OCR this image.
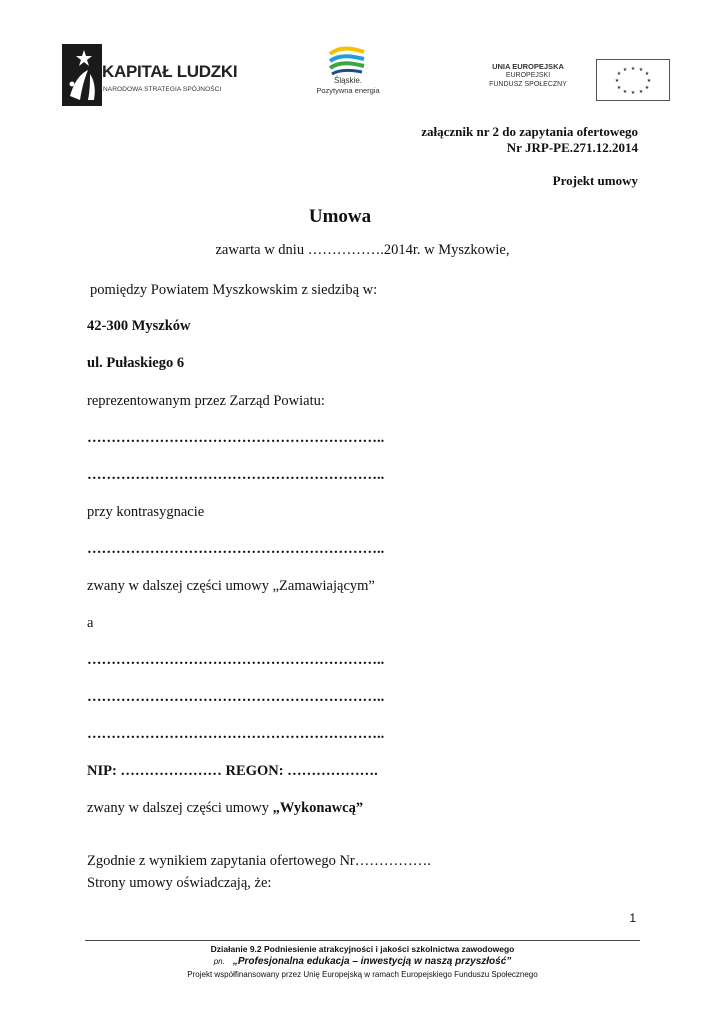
KAPITAŁ LUDZKI
NARODOWA STRATEGIA SPÓJNOŚCI
Śląskie.
Pozytywna energia
UNIA EUROPEJSKA
EUROPEJSKI
FUNDUSZ SPOŁECZNY
★ ★
★
★
★
★
★
★
★
★
★
★
załącznik nr 2 do zapytania ofertowego
Nr JRP-PE.271.12.2014
Projekt umowy
Umowa
zawarta w dniu …………….2014r. w Myszkowie,
pomiędzy Powiatem Myszkowskim z siedzibą w:
42-300 Myszków
ul. Pułaskiego 6
reprezentowanym przez Zarząd Powiatu:
……………………………………………………..
……………………………………………………..
przy kontrasygnacie
……………………………………………………..
zwany w dalszej części umowy „Zamawiającym”
a
……………………………………………………..
……………………………………………………..
……………………………………………………..
NIP: ………………… REGON: ……………….
zwany w dalszej części umowy „Wykonawcą”
Zgodnie z wynikiem zapytania ofertowego Nr…………….
Strony umowy oświadczają, że:
1
Działanie 9.2 Podniesienie atrakcyjności i jakości szkolnictwa zawodowego
pn. „Profesjonalna edukacja – inwestycją w naszą przyszłość”
Projekt współfinansowany przez Unię Europejską w ramach Europejskiego Funduszu Społecznego
